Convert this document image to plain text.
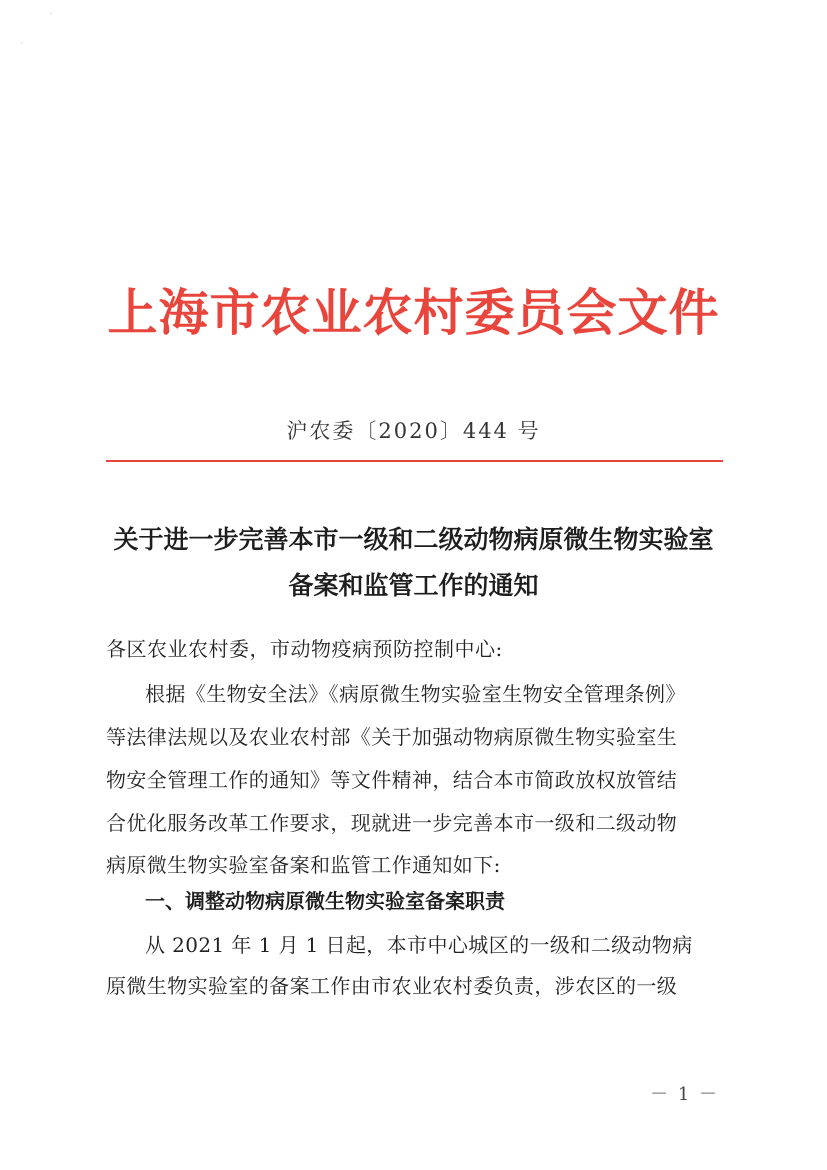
ˊ
·
上海市农业农村委员会文件
沪农委〔2020〕444 号
关于进一步完善本市一级和二级动物病原微生物实验室
备案和监管工作的通知
各区农业农村委，市动物疫病预防控制中心:
根据《生物安全法》《病原微生物实验室生物安全管理条例》
等法律法规以及农业农村部《关于加强动物病原微生物实验室生
物安全管理工作的通知》等文件精神，结合本市简政放权放管结
合优化服务改革工作要求，现就进一步完善本市一级和二级动物
病原微生物实验室备案和监管工作通知如下:
一、调整动物病原微生物实验室备案职责
从 2021 年 1 月 1 日起，本市中心城区的一级和二级动物病
原微生物实验室的备案工作由市农业农村委负责，涉农区的一级
－ 1 －
